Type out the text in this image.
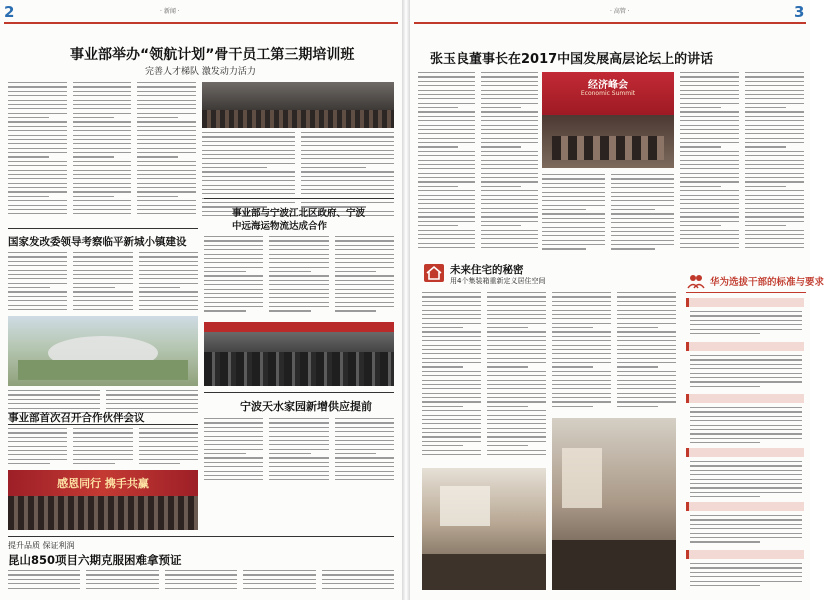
2	· 新闻 ·
事业部举办“领航计划”骨干员工第三期培训班
完善人才梯队 激发动力活力
国家发改委领导考察临平新城小镇建设
事业部与宁波江北区政府、宁波中远海运物流达成合作
事业部首次召开合作伙伴会议
感恩同行 携手共赢
宁波天水家园新增供应提前
提升品质 保证利润
昆山850项目六期克服困难拿预证
· 高管 ·	3
张玉良董事长在2017中国发展高层论坛上的讲话
经济峰会
Economic Summit
未来住宅的秘密
用4个集装箱重新定义居住空间	华为选拔干部的标准与要求
